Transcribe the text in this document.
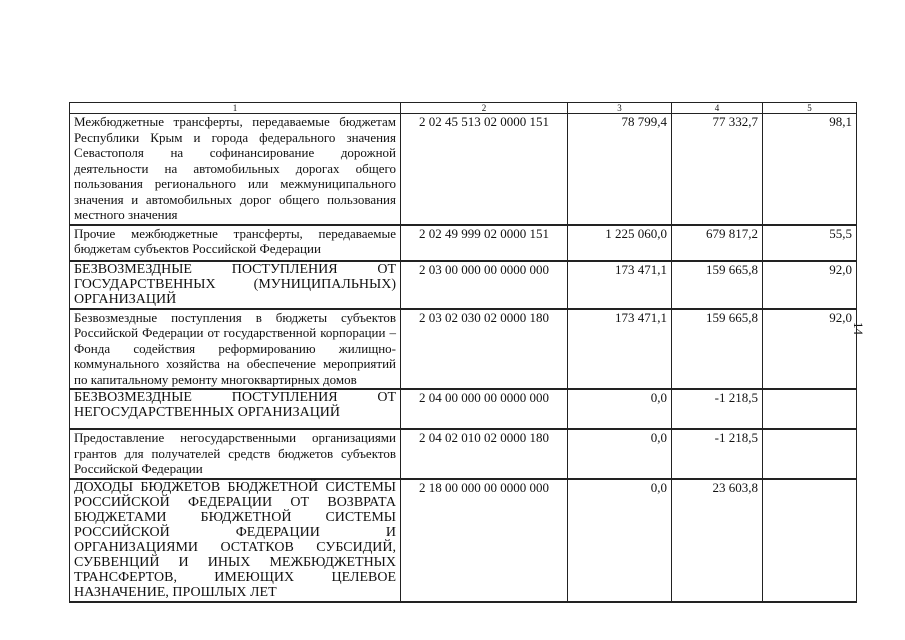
14
1	2	3	4	5
Межбюджетные трансферты, передаваемые бюджетам Республики Крым и города федерального значения Севастополя на софинансирование дорожной деятельности на автомобильных дорогах общего пользования регионального или межмуниципального значения и автомобильных дорог общего пользования местного значения	2 02 45 513 02 0000 151	78 799,4	77 332,7	98,1
Прочие межбюджетные трансферты, передаваемые бюджетам субъектов Российской Федерации	2 02 49 999 02 0000 151	1 225 060,0	679 817,2	55,5
БЕЗВОЗМЕЗДНЫЕ ПОСТУПЛЕНИЯ ОТ ГОСУДАРСТВЕННЫХ (МУНИЦИПАЛЬНЫХ) ОРГАНИЗАЦИЙ	2 03 00 000 00 0000 000	173 471,1	159 665,8	92,0
Безвозмездные поступления в бюджеты субъектов Российской Федерации от государственной корпорации – Фонда содействия реформированию жилищно-коммунального хозяйства на обеспечение мероприятий по капитальному ремонту многоквартирных домов	2 03 02 030 02 0000 180	173 471,1	159 665,8	92,0
БЕЗВОЗМЕЗДНЫЕ ПОСТУПЛЕНИЯ ОТ НЕГОСУДАРСТВЕННЫХ ОРГАНИЗАЦИЙ	2 04 00 000 00 0000 000	0,0	-1 218,5	
Предоставление негосударственными организациями грантов для получателей средств бюджетов субъектов Российской Федерации	2 04 02 010 02 0000 180	0,0	-1 218,5	
ДОХОДЫ БЮДЖЕТОВ БЮДЖЕТНОЙ СИСТЕМЫ РОССИЙСКОЙ ФЕДЕРАЦИИ ОТ ВОЗВРАТА БЮДЖЕТАМИ БЮДЖЕТНОЙ СИСТЕМЫ РОССИЙСКОЙ ФЕДЕРАЦИИ И ОРГАНИЗАЦИЯМИ ОСТАТКОВ СУБСИДИЙ, СУБВЕНЦИЙ И ИНЫХ МЕЖБЮДЖЕТНЫХ ТРАНСФЕРТОВ, ИМЕЮЩИХ ЦЕЛЕВОЕ НАЗНАЧЕНИЕ, ПРОШЛЫХ ЛЕТ	2 18 00 000 00 0000 000	0,0	23 603,8	
